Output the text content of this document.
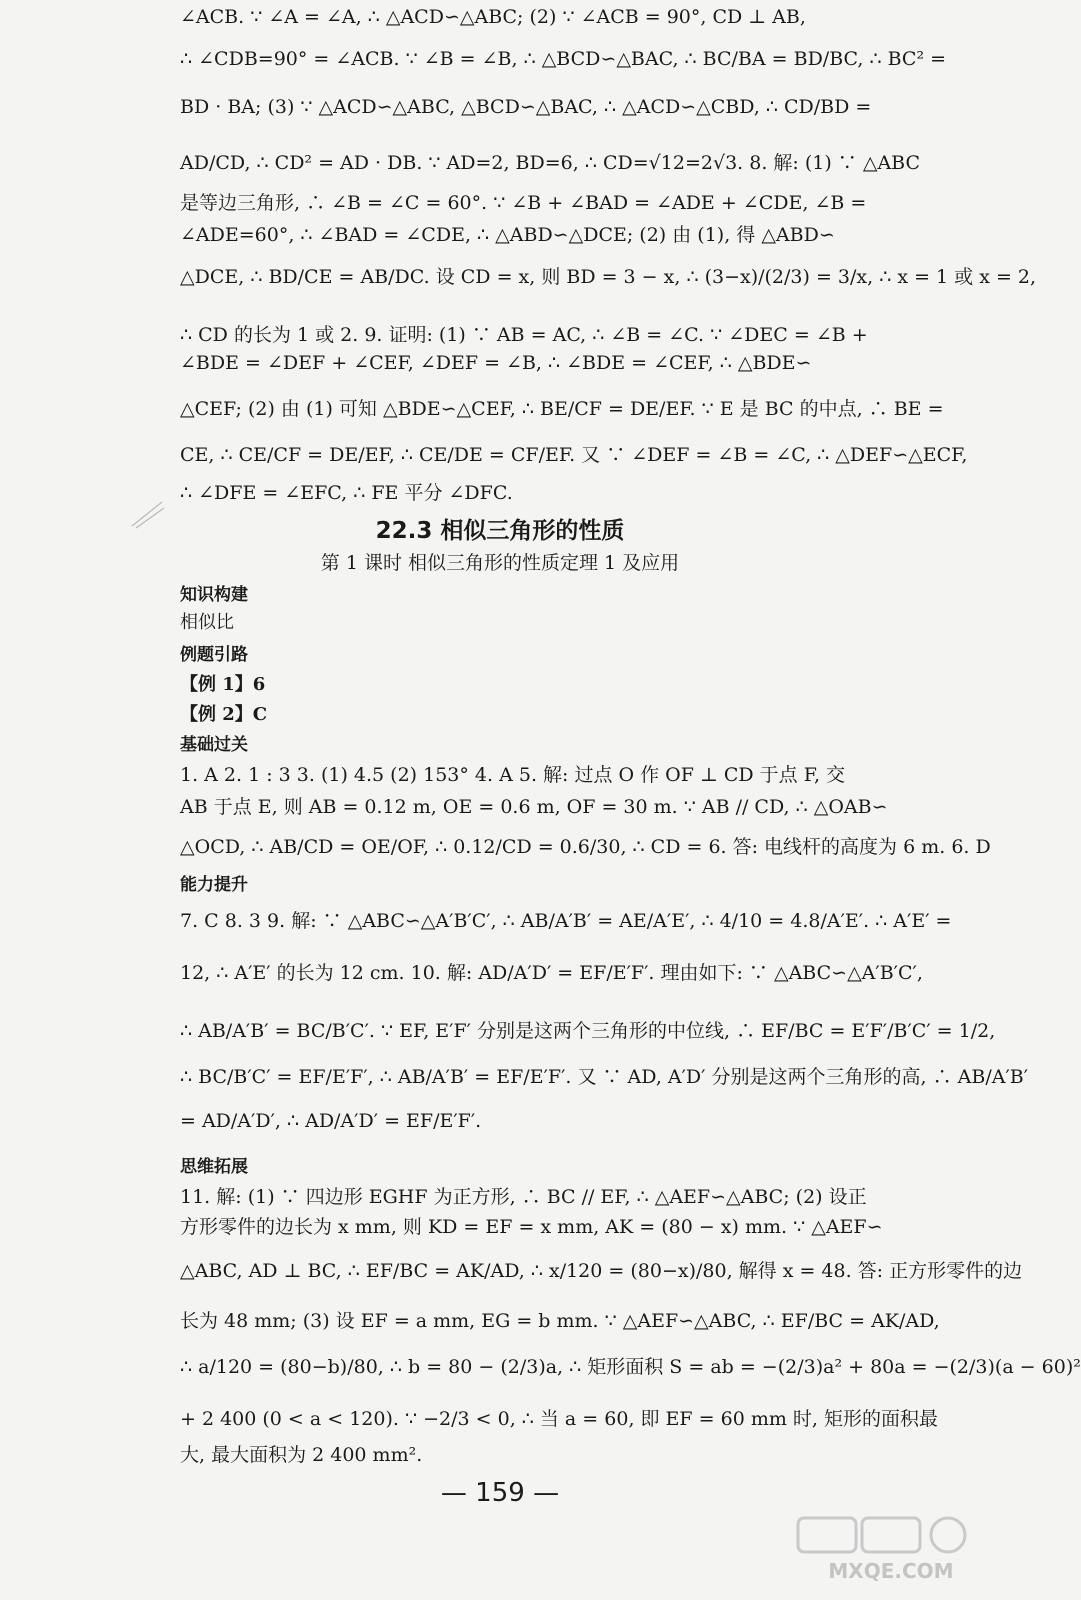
∠ACB. ∵ ∠A = ∠A, ∴ △ACD∽△ABC; (2) ∵ ∠ACB = 90°, CD ⊥ AB,
∴ ∠CDB=90° = ∠ACB. ∵ ∠B = ∠B, ∴ △BCD∽△BAC, ∴ BC/BA = BD/BC, ∴ BC² =
BD · BA; (3) ∵ △ACD∽△ABC, △BCD∽△BAC, ∴ △ACD∽△CBD, ∴ CD/BD =
AD/CD, ∴ CD² = AD · DB. ∵ AD=2, BD=6, ∴ CD=√12=2√3. 8. 解: (1) ∵ △ABC
是等边三角形, ∴ ∠B = ∠C = 60°. ∵ ∠B + ∠BAD = ∠ADE + ∠CDE, ∠B =
∠ADE=60°, ∴ ∠BAD = ∠CDE, ∴ △ABD∽△DCE; (2) 由 (1), 得 △ABD∽
△DCE, ∴ BD/CE = AB/DC. 设 CD = x, 则 BD = 3 − x, ∴ (3−x)/(2/3) = 3/x, ∴ x = 1 或 x = 2,
∴ CD 的长为 1 或 2. 9. 证明: (1) ∵ AB = AC, ∴ ∠B = ∠C. ∵ ∠DEC = ∠B +
∠BDE = ∠DEF + ∠CEF, ∠DEF = ∠B, ∴ ∠BDE = ∠CEF, ∴ △BDE∽
△CEF; (2) 由 (1) 可知 △BDE∽△CEF, ∴ BE/CF = DE/EF. ∵ E 是 BC 的中点, ∴ BE =
CE, ∴ CE/CF = DE/EF, ∴ CE/DE = CF/EF. 又 ∵ ∠DEF = ∠B = ∠C, ∴ △DEF∽△ECF,
∴ ∠DFE = ∠EFC, ∴ FE 平分 ∠DFC.
22.3 相似三角形的性质
第 1 课时 相似三角形的性质定理 1 及应用
知识构建
相似比
例题引路
【例 1】6
【例 2】C
基础过关
1. A 2. 1 : 3 3. (1) 4.5 (2) 153° 4. A 5. 解: 过点 O 作 OF ⊥ CD 于点 F, 交
AB 于点 E, 则 AB = 0.12 m, OE = 0.6 m, OF = 30 m. ∵ AB // CD, ∴ △OAB∽
△OCD, ∴ AB/CD = OE/OF, ∴ 0.12/CD = 0.6/30, ∴ CD = 6. 答: 电线杆的高度为 6 m. 6. D
能力提升
7. C 8. 3 9. 解: ∵ △ABC∽△A′B′C′, ∴ AB/A′B′ = AE/A′E′, ∴ 4/10 = 4.8/A′E′. ∴ A′E′ =
12, ∴ A′E′ 的长为 12 cm. 10. 解: AD/A′D′ = EF/E′F′. 理由如下: ∵ △ABC∽△A′B′C′,
∴ AB/A′B′ = BC/B′C′. ∵ EF, E′F′ 分别是这两个三角形的中位线, ∴ EF/BC = E′F′/B′C′ = 1/2,
∴ BC/B′C′ = EF/E′F′, ∴ AB/A′B′ = EF/E′F′. 又 ∵ AD, A′D′ 分别是这两个三角形的高, ∴ AB/A′B′
= AD/A′D′, ∴ AD/A′D′ = EF/E′F′.
思维拓展
11. 解: (1) ∵ 四边形 EGHF 为正方形, ∴ BC // EF, ∴ △AEF∽△ABC; (2) 设正
方形零件的边长为 x mm, 则 KD = EF = x mm, AK = (80 − x) mm. ∵ △AEF∽
△ABC, AD ⊥ BC, ∴ EF/BC = AK/AD, ∴ x/120 = (80−x)/80, 解得 x = 48. 答: 正方形零件的边
长为 48 mm; (3) 设 EF = a mm, EG = b mm. ∵ △AEF∽△ABC, ∴ EF/BC = AK/AD,
∴ a/120 = (80−b)/80, ∴ b = 80 − (2/3)a, ∴ 矩形面积 S = ab = −(2/3)a² + 80a = −(2/3)(a − 60)²
+ 2 400 (0 < a < 120). ∵ −2/3 < 0, ∴ 当 a = 60, 即 EF = 60 mm 时, 矩形的面积最
大, 最大面积为 2 400 mm².
— 159 —
MXQE.COM
